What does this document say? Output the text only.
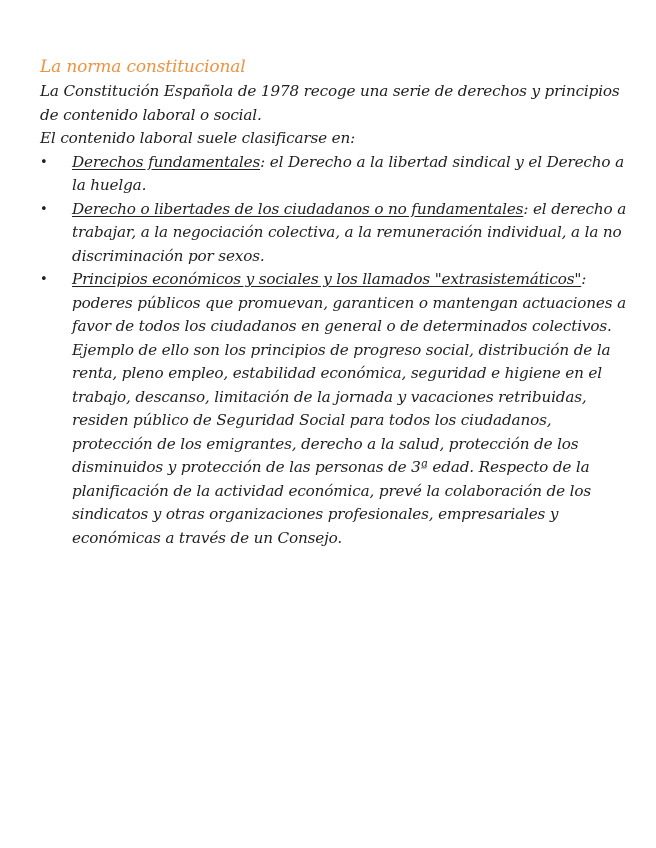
La norma constitucional

La Constitución Española de 1978 recoge una serie de derechos y principios de contenido laboral o social.

El contenido laboral suele clasificarse en:

• Derechos fundamentales: el Derecho a la libertad sindical y el Derecho a la huelga.
• Derecho o libertades de los ciudadanos o no fundamentales: el derecho a trabajar, a la negociación colectiva, a la remuneración individual, a la no discriminación por sexos.
• Principios económicos y sociales y los llamados "extrasistemáticos": poderes públicos que promuevan, garanticen o mantengan actuaciones a favor de todos los ciudadanos en general o de determinados colectivos. Ejemplo de ello son los principios de progreso social, distribución de la renta, pleno empleo, estabilidad económica, seguridad e higiene en el trabajo, descanso, limitación de la jornada y vacaciones retribuidas, residen público de Seguridad Social para todos los ciudadanos, protección de los emigrantes, derecho a la salud, protección de los disminuidos y protección de las personas de 3ª edad. Respecto de la planificación de la actividad económica, prevé la colaboración de los sindicatos y otras organizaciones profesionales, empresariales y económicas a través de un Consejo.
